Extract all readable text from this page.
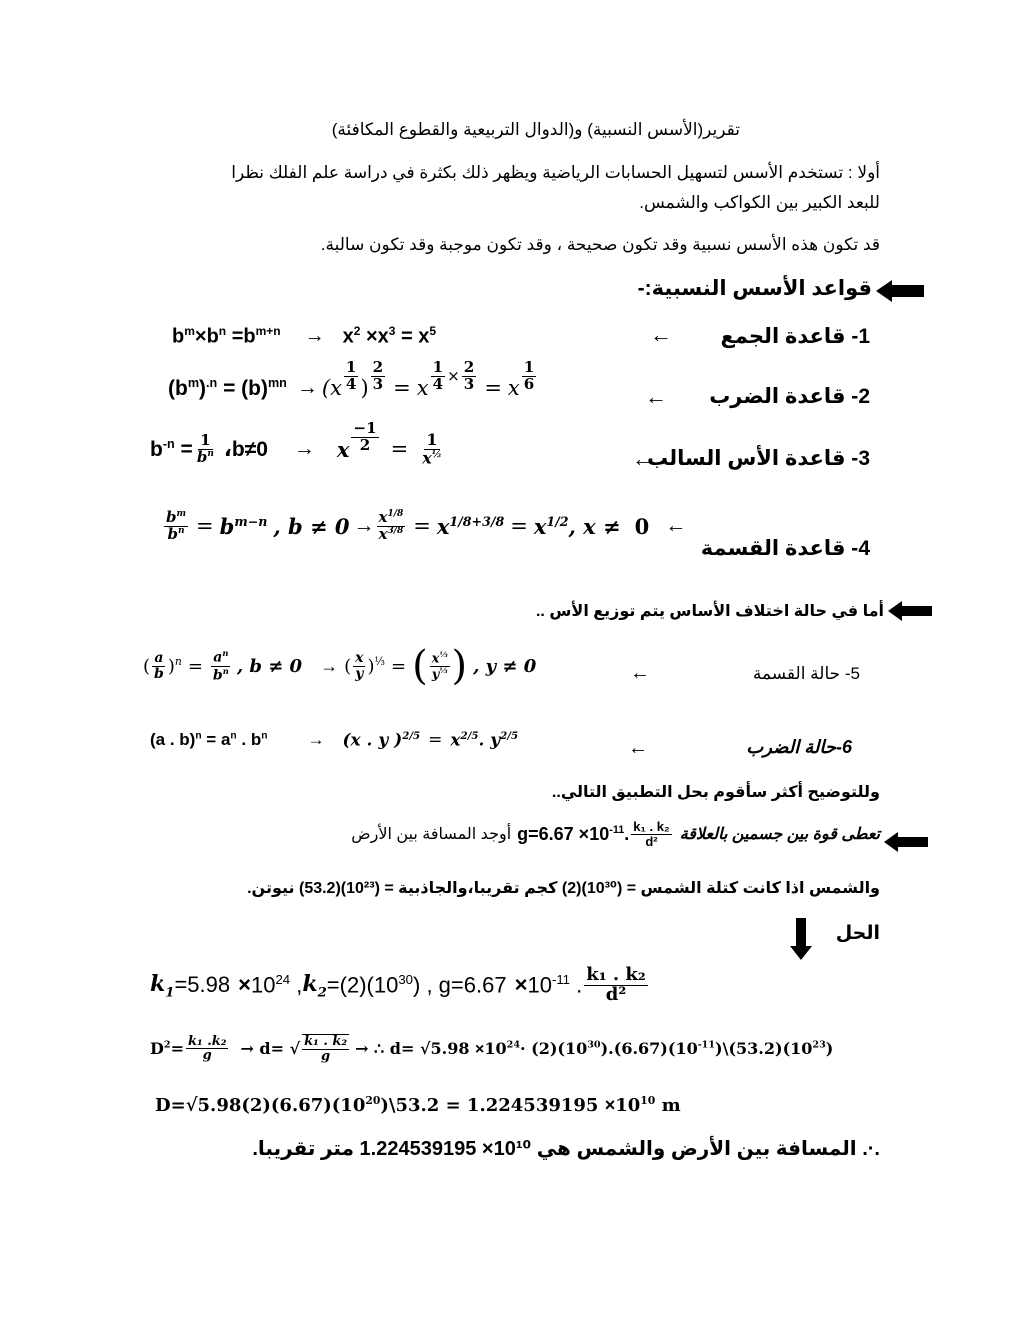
تقرير(الأسس النسبية) و(الدوال التربيعية والقطوع المكافئة)
أولا : تستخدم الأسس لتسهيل الحسابات الرياضية ويظهر ذلك بكثرة في دراسة علم الفلك نظرا
للبعد الكبير بين الكواكب والشمس.
قد تكون هذه الأسس نسبية وقد تكون صحيحة ، وقد تكون موجبة وقد تكون سالبة.
قواعد الأسس النسبية:-
1- قاعدة الجمع
←
$b^m\times b^n =b^{m+n} \to x^2 \times x^3 = x^5$
2- قاعدة الضرب
←
$(b^m)^{.n} = (b)^{mn} \to (x \frac{1}{4}$ ) $\frac{2}{3} = x \frac{1}{4} \times \frac{2}{3} = x \frac{1}{6}$
3- قاعدة الأس السالب
←
$b^{-n} = \frac{1}{b^n}$ ،b≠0 → x $\frac{-1}{2} = \frac{1}{x^{\frac{1}{2}}}$
4- قاعدة القسمة
$\frac{b^m}{b^n} = b^{m-n}$ , $b \ne 0 \to \frac{x^{1/8}}{x^{3/8}} = x^{1/8+3/8} = x^{1/2}$, x ≠ 0 ←
أما في حالة اختلاف الأساس يتم توزيع الأس ..
5- حالة القسمة
←
( $\frac{a}{b} )^n = \frac{a^n}{b^n}$ , b ≠ 0 → ( $\frac{x}{y} )^{\frac{1}{3}}$ = ( $\frac{x^{\frac{1}{3}}}{y^{\frac{1}{3}}}$ ) , y ≠ 0
6-حالة الضرب
←
(a . $b)^n = a^n$ . $b^n \to (x$ . y )$^{2/5} = x^{2/5}$. $y^{2/5}$
وللتوضيح أكثر سأقوم بحل التطبيق التالي..
أوجد المسافة بين الأرض $g=6.67 \times 10^{-11}$. $\frac{\text{k₁ . k₂}}{\text{d²}}$ تعطى قوة بين جسمين بالعلاقة
والشمس اذا كانت كتلة الشمس = (10³⁰)(2) كجم تقريبا،والجاذبية = (10²³)(53.2) نيوتن.
الحل
$k_1 =5.98 \times 10^{24}$ , $k_2 =(2)(10^{30})$ , $g=6.67 \times 10^{-11}$ . $\frac{\text{k₁ . k₂}}{\text{d²}}$
$D^2= \frac{\text{k₁ .k₂}}{g} \to d=$ √ $\frac{\text{k₁ . k₂}}{g}$ → ∴ $d= √5.98 \times 10^{24}\cdot$ $(2)(10^{30}).(6.67)(10^{-11})\backslash(53.2)(10^{23})$
$D=√5.98(2)(6.67)(10^{20})\backslash 53.2 = 1.224539195 \times 10^{10}$ m
.·. المسافة بين الأرض والشمس هي 10¹⁰× 1.224539195 متر تقريبا.
